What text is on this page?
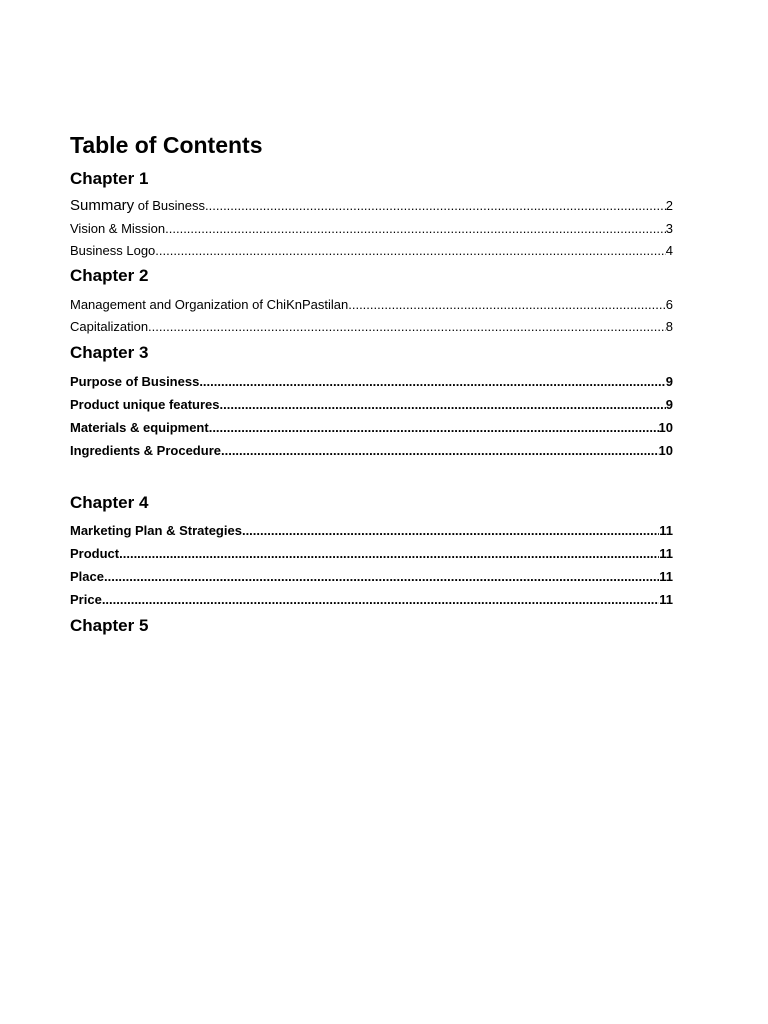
Table of Contents
Chapter 1
Summary of Business .....	2
Vision & Mission .....	3
Business Logo .....	4
Chapter 2
Management and Organization of ChiKnPastilan .....	6
Capitalization .....	8
Chapter 3
Purpose of Business .....	9
Product unique features .....	9
Materials & equipment .....	10
Ingredients & Procedure .....	10
Chapter 4
Marketing Plan & Strategies .....	11
Product .....	11
Place .....	11
Price .....	11
Chapter 5
